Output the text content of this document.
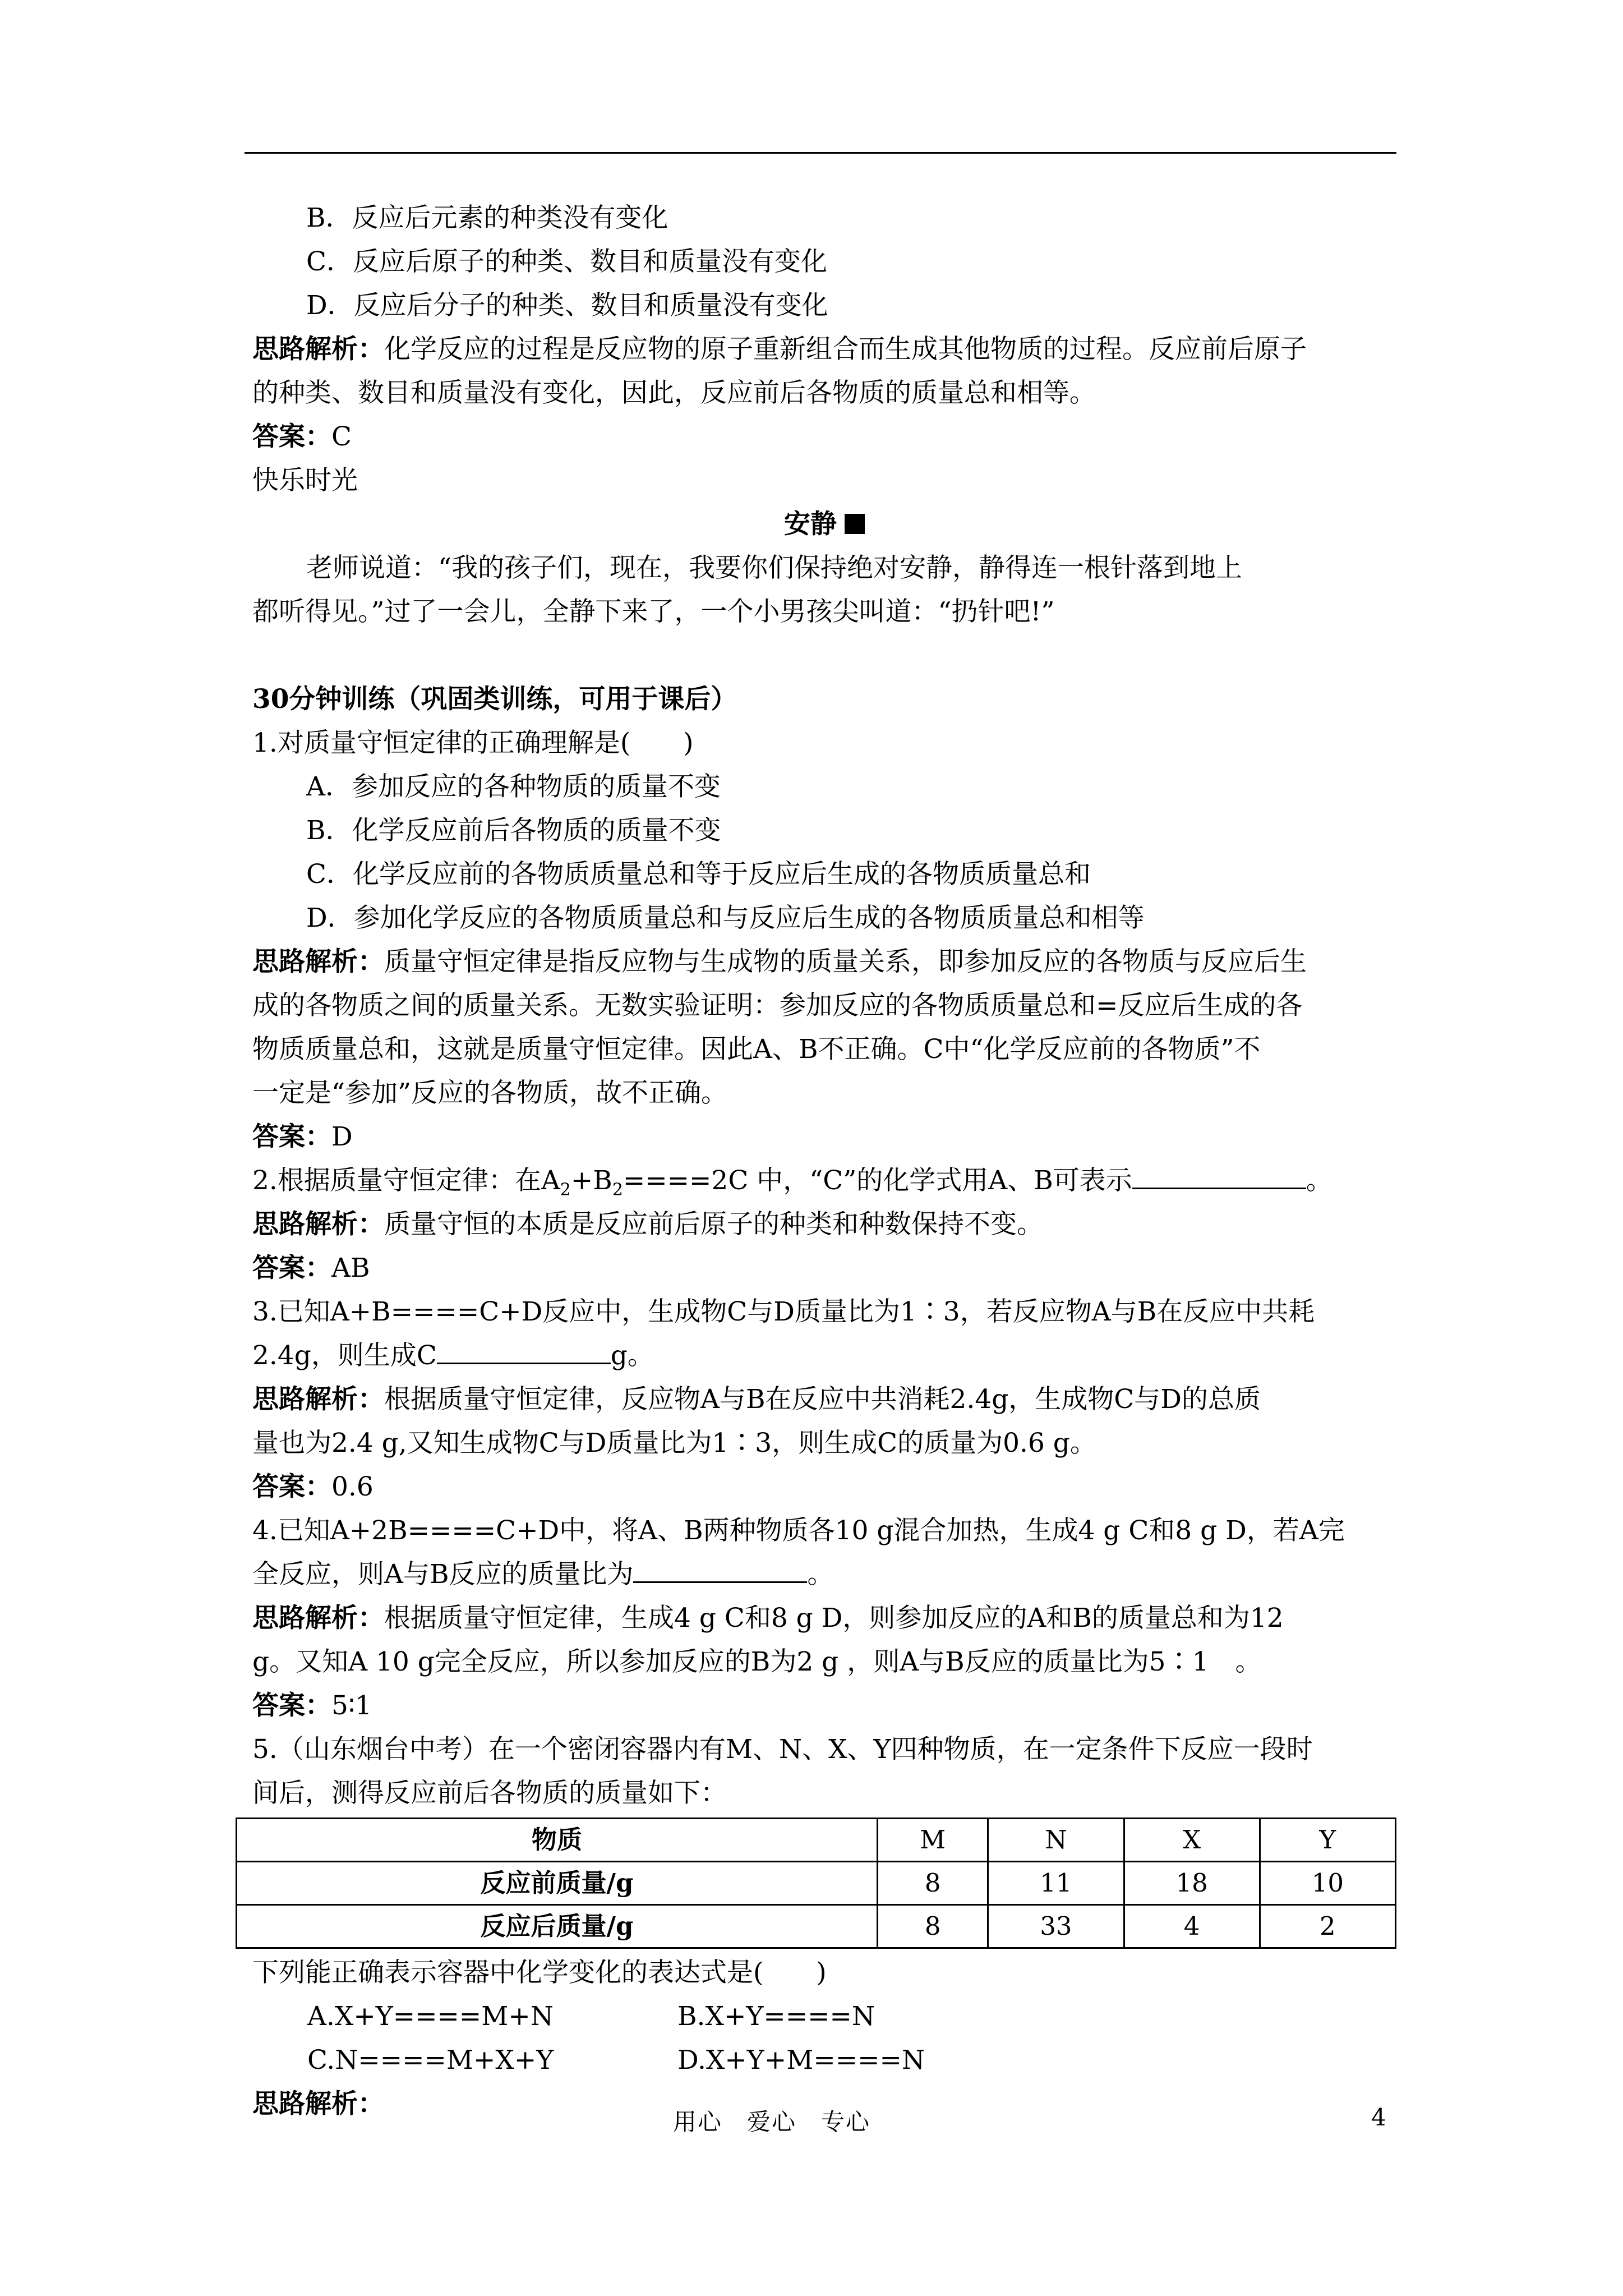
B．反应后元素的种类没有变化
C．反应后原子的种类、数目和质量没有变化
D．反应后分子的种类、数目和质量没有变化
思路解析：化学反应的过程是反应物的原子重新组合而生成其他物质的过程。反应前后原子
的种类、数目和质量没有变化，因此，反应前后各物质的质量总和相等。
答案：C
快乐时光
安静
老师说道：“我的孩子们，现在，我要你们保持绝对安静，静得连一根针落到地上
都听得见。”过了一会儿，全静下来了，一个小男孩尖叫道：“扔针吧!”
30分钟训练（巩固类训练，可用于课后）
1.对质量守恒定律的正确理解是(　　)
A．参加反应的各种物质的质量不变
B．化学反应前后各物质的质量不变
C．化学反应前的各物质质量总和等于反应后生成的各物质质量总和
D．参加化学反应的各物质质量总和与反应后生成的各物质质量总和相等
思路解析：质量守恒定律是指反应物与生成物的质量关系，即参加反应的各物质与反应后生
成的各物质之间的质量关系。无数实验证明：参加反应的各物质质量总和=反应后生成的各
物质质量总和，这就是质量守恒定律。因此A、B不正确。C中“化学反应前的各物质”不
一定是“参加”反应的各物质，故不正确。
答案：D
2.根据质量守恒定律：在$A_2+B_2====2C$ 中，“C”的化学式用A、B可表示	。
思路解析：质量守恒的本质是反应前后原子的种类和种数保持不变。
答案：AB
3.已知A+B====C+D反应中，生成物C与D质量比为1∶3，若反应物A与B在反应中共耗
2.4g，则生成C	g。
思路解析：根据质量守恒定律，反应物A与B在反应中共消耗2.4g，生成物C与D的总质
量也为2.4 g,又知生成物C与D质量比为1∶3，则生成C的质量为0.6 g。
答案：0.6
4.已知A+2B====C+D中，将A、B两种物质各10 g混合加热，生成4 g C和8 g D，若A完
全反应，则A与B反应的质量比为	。
思路解析：根据质量守恒定律，生成4 g C和8 g D，则参加反应的A和B的质量总和为12
g。又知A 10 g完全反应，所以参加反应的B为2 g ，则A与B反应的质量比为5∶1　。
答案：5∶1
5.（山东烟台中考）在一个密闭容器内有M、N、X、Y四种物质，在一定条件下反应一段时
间后，测得反应前后各物质的质量如下：
物质	M	N	X	Y
反应前质量/g	8	11	18	10
反应后质量/g	8	33	4	2
下列能正确表示容器中化学变化的表达式是(　　)
A.X+Y====M+N	B.X+Y====N
C.N====M+X+Y	D.X+Y+M====N
思路解析：
用心　爱心　专心	4
